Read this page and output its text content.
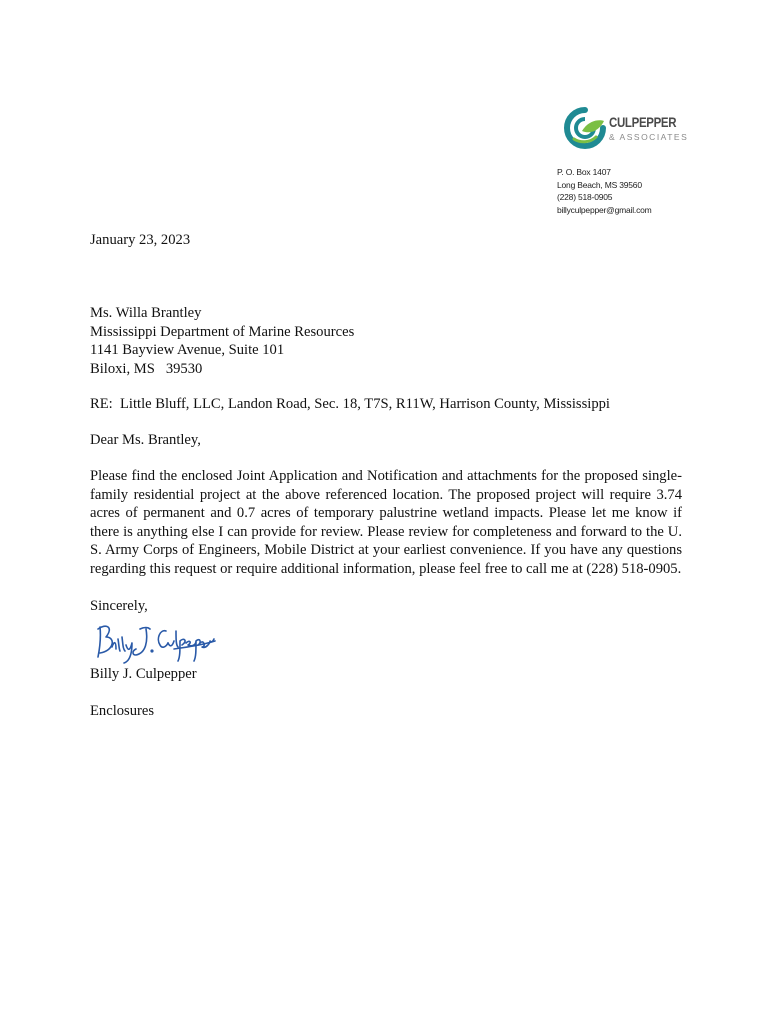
CULPEPPER
& ASSOCIATES
P. O. Box 1407
Long Beach, MS 39560
(228) 518-0905
billyculpepper@gmail.com
January 23, 2023
Ms. Willa Brantley
Mississippi Department of Marine Resources
1141 Bayview Avenue, Suite 101
Biloxi, MS   39530
RE:  Little Bluff, LLC, Landon Road, Sec. 18, T7S, R11W, Harrison County, Mississippi
Dear Ms. Brantley,
Please find the enclosed Joint Application and Notification and attachments for the proposed single-
family residential project at the above referenced location. The proposed project will require 3.74
acres of permanent and 0.7 acres of temporary palustrine wetland impacts. Please let me know if
there is anything else I can provide for review. Please review for completeness and forward to the U.
S. Army Corps of Engineers, Mobile District at your earliest convenience. If you have any questions
regarding this request or require additional information, please feel free to call me at (228) 518-0905.
Sincerely,
Billy J. Culpepper
Enclosures
